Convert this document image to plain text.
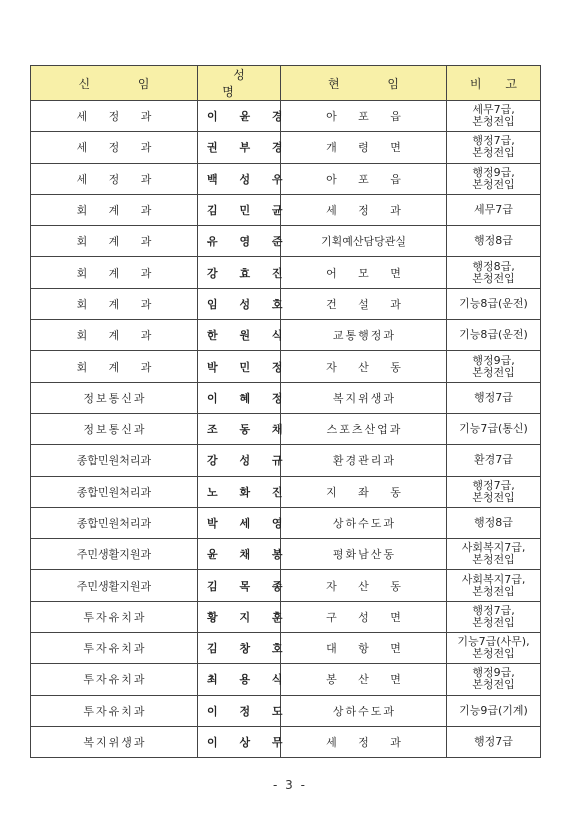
신 임	성 명	현 임	비 고
세 정 과	이 윤 경	아 포 읍	세무7급,
본청전입

세 정 과	권 부 경	개 령 면	행정7급,
본청전입

세 정 과	백 성 우	아 포 읍	행정9급,
본청전입

회 계 과	김 민 균	세 정 과	세무7급

회 계 과	유 영 준	기획예산담당관실	행정8급

회 계 과	강 효 진	어 모 면	행정8급,
본청전입

회 계 과	임 성 호	건 설 과	기능8급(운전)

회 계 과	한 원 식	교통행정과	기능8급(운전)

회 계 과	박 민 정	자 산 동	행정9급,
본청전입

정보통신과	이 혜 정	복지위생과	행정7급

정보통신과	조 동 채	스포츠산업과	기능7급(통신)

종합민원처리과	강 성 규	환경관리과	환경7급

종합민원처리과	노 화 진	지 좌 동	행정7급,
본청전입

종합민원처리과	박 세 영	상하수도과	행정8급

주민생활지원과	윤 채 봉	평화남산동	사회복지7급,
본청전입

주민생활지원과	김 목 종	자 산 동	사회복지7급,
본청전입

투자유치과	황 지 훈	구 성 면	행정7급,
본청전입

투자유치과	김 창 호	대 항 면	기능7급(사무),
본청전입

투자유치과	최 용 식	봉 산 면	행정9급,
본청전입

투자유치과	이 정 도	상하수도과	기능9급(기계)

복지위생과	이 상 무	세 정 과	행정7급
- 3 -
